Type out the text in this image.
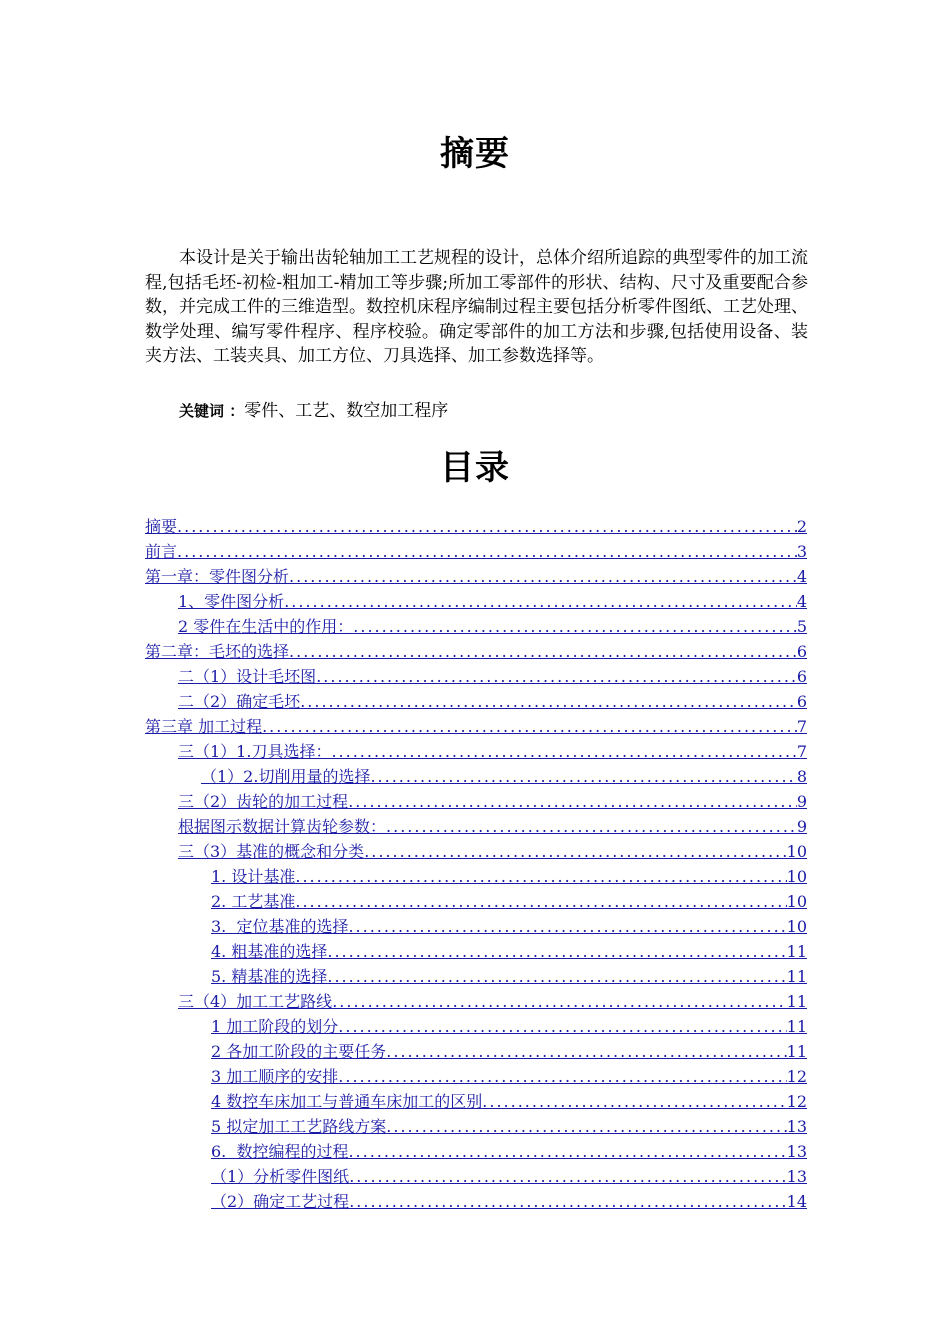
摘要
本设计是关于输出齿轮轴加工工艺规程的设计，总体介绍所追踪的典型零件的加工流程,包括毛坯-初检-粗加工-精加工等步骤;所加工零部件的形状、结构、尺寸及重要配合参数，并完成工件的三维造型。数控机床程序编制过程主要包括分析零件图纸、工艺处理、数学处理、编写零件程序、程序校验。确定零部件的加工方法和步骤,包括使用设备、装夹方法、工装夹具、加工方位、刀具选择、加工参数选择等。
关键词 ：零件、工艺、数空加工程序
目录
摘要 .....	2
前言 .....	3
第一章：零件图分析 .....	4
1、零件图分析 .....	4
2 零件在生活中的作用： .....	5
第二章：毛坯的选择 .....	6
二（1）设计毛坯图 .....	6
二（2）确定毛坯 .....	6
第三章 加工过程 .....	7
三（1）1.刀具选择： .....	7
（1）2.切削用量的选择 .....	8
三（2）齿轮的加工过程 .....	9
根据图示数据计算齿轮参数： .....	9
三（3）基准的概念和分类 .....	10
1. 设计基准 .....	10
2. 工艺基准 .....	10
3.  定位基准的选择 .....	10
4. 粗基准的选择 .....	11
5. 精基准的选择 .....	11
三（4）加工工艺路线 .....	11
1 加工阶段的划分 .....	11
2 各加工阶段的主要任务 .....	11
3 加工顺序的安排 .....	12
4 数控车床加工与普通车床加工的区别 .....	12
5 拟定加工工艺路线方案 .....	13
6.  数控编程的过程 .....	13
（1）分析零件图纸 .....	13
（2）确定工艺过程 .....	14
